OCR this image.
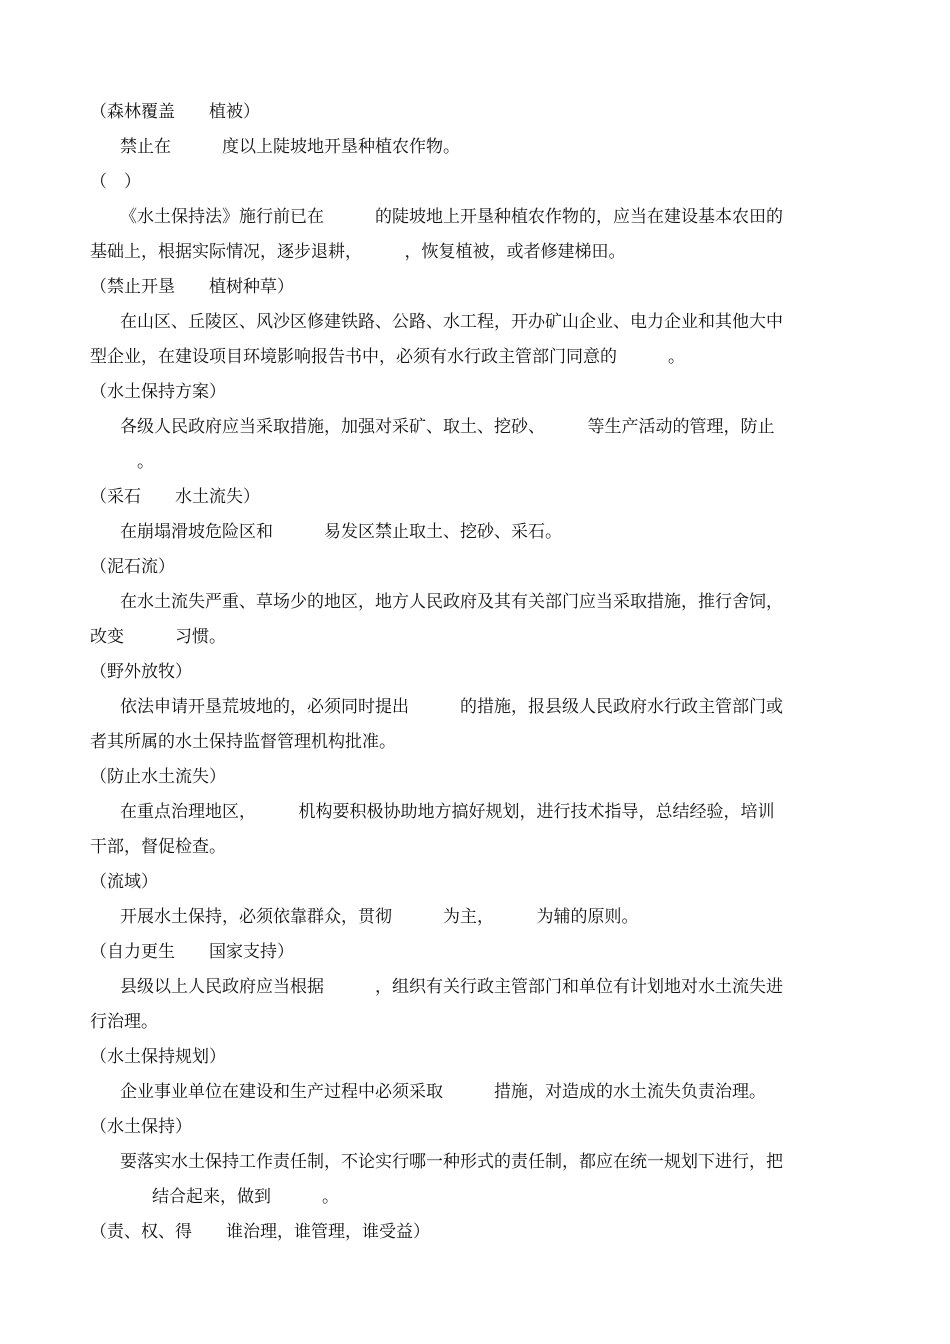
（森林覆盖　　植被）
禁止在　　　度以上陡坡地开垦种植农作物。
（　）
《水土保持法》施行前已在　　　的陡坡地上开垦种植农作物的，应当在建设基本农田的
基础上，根据实际情况，逐步退耕，　　　，恢复植被，或者修建梯田。
（禁止开垦　　植树种草）
在山区、丘陵区、风沙区修建铁路、公路、水工程，开办矿山企业、电力企业和其他大中
型企业，在建设项目环境影响报告书中，必须有水行政主管部门同意的　　　。
（水土保持方案）
各级人民政府应当采取措施，加强对采矿、取土、挖砂、　　　等生产活动的管理，防止
　。
（采石　　水土流失）
在崩塌滑坡危险区和　　　易发区禁止取土、挖砂、采石。
（泥石流）
在水土流失严重、草场少的地区，地方人民政府及其有关部门应当采取措施，推行舍饲，
改变　　　习惯。
（野外放牧）
依法申请开垦荒坡地的，必须同时提出　　　的措施，报县级人民政府水行政主管部门或
者其所属的水土保持监督管理机构批准。
（防止水土流失）
在重点治理地区，　　　机构要积极协助地方搞好规划，进行技术指导，总结经验，培训
干部，督促检查。
（流域）
开展水土保持，必须依靠群众，贯彻　　　为主，　　　为辅的原则。
（自力更生　　国家支持）
县级以上人民政府应当根据　　　，组织有关行政主管部门和单位有计划地对水土流失进
行治理。
（水土保持规划）
企业事业单位在建设和生产过程中必须采取　　　措施，对造成的水土流失负责治理。
（水土保持）
要落实水土保持工作责任制，不论实行哪一种形式的责任制，都应在统一规划下进行，把
　结合起来，做到　　　。
（责、权、得　　谁治理，谁管理，谁受益）
